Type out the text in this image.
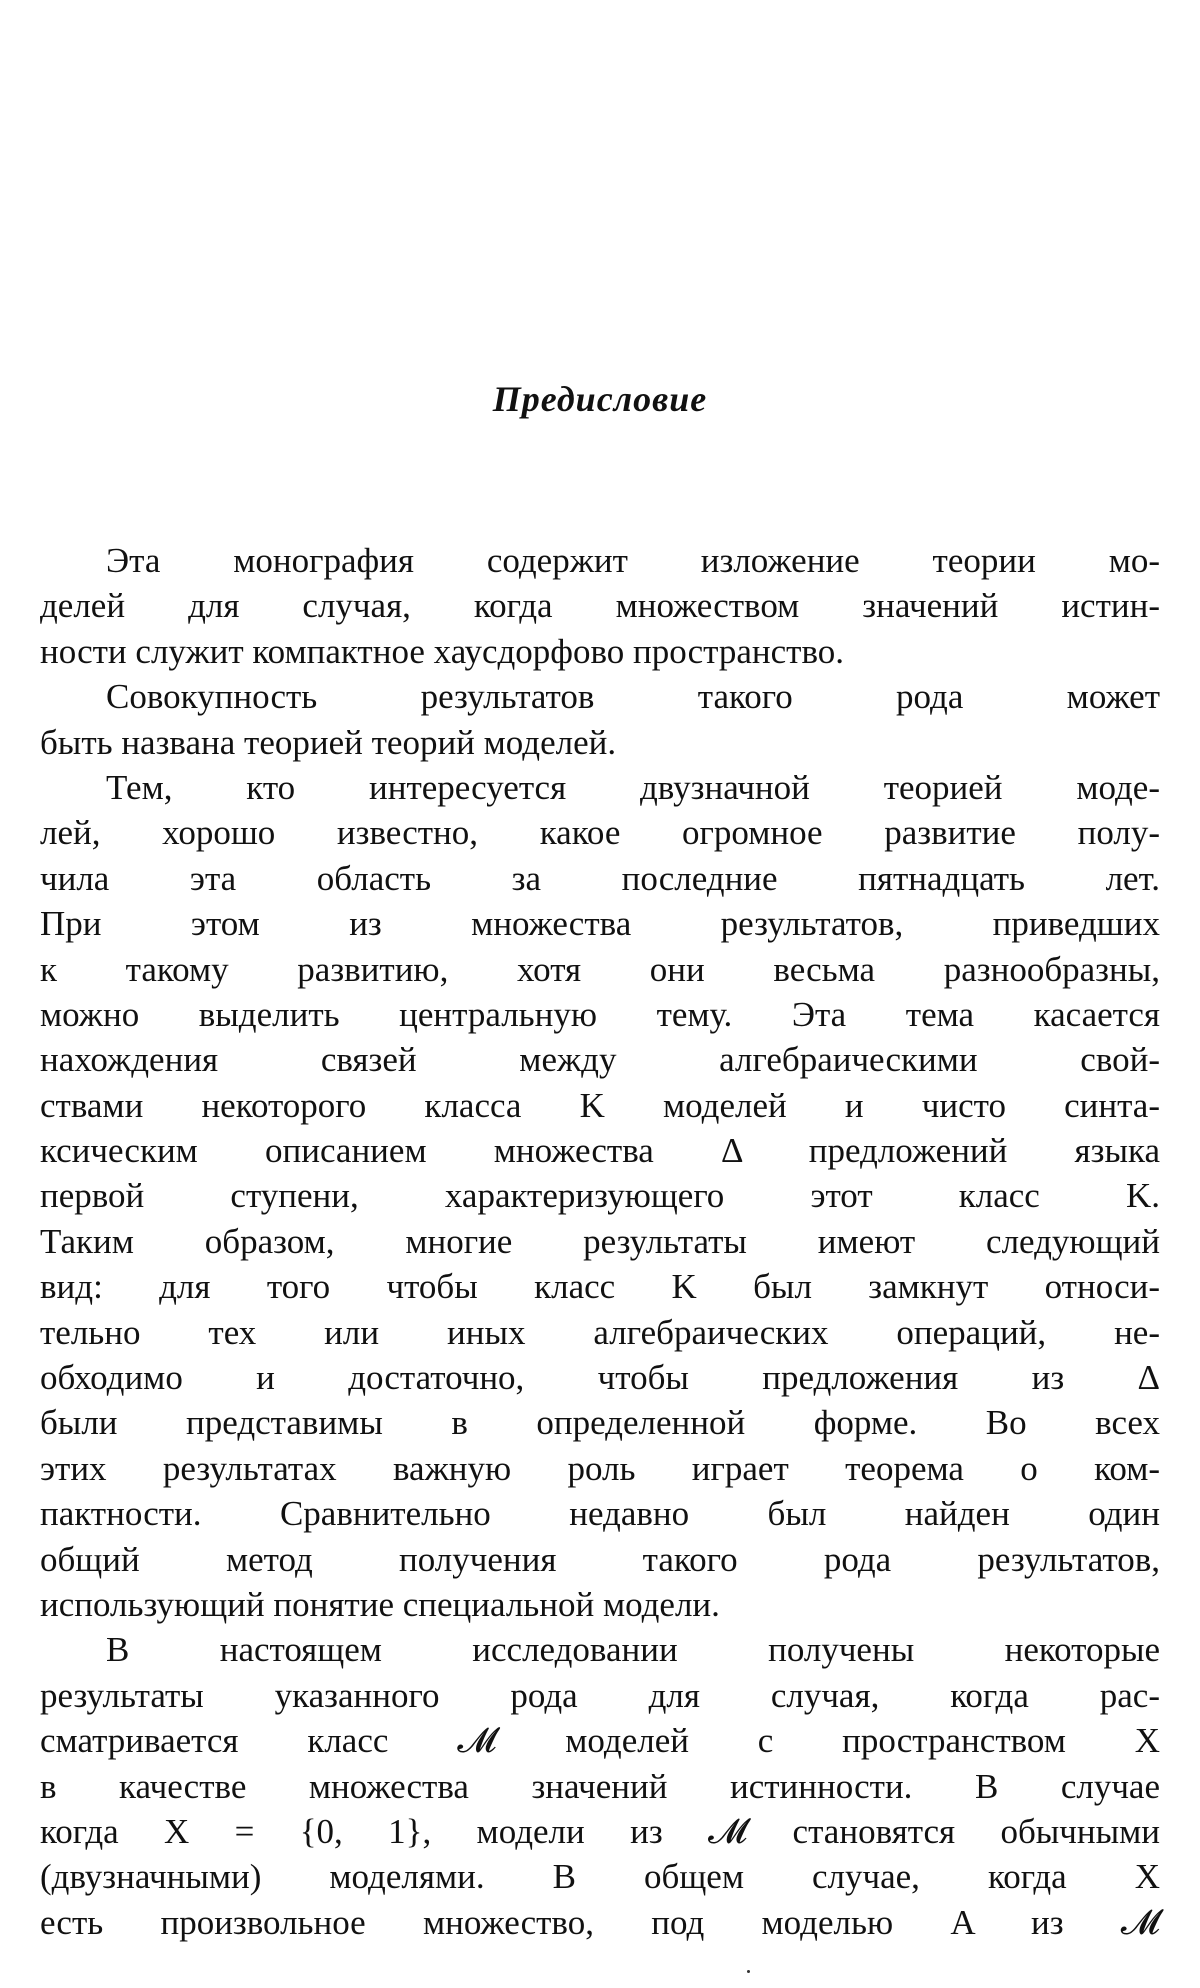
Предисловие
Эта монография содержит изложение теории мо-
делей для случая, когда множеством значений истин-
ности служит компактное хаусдорфово пространство.
Совокупность результатов такого рода может
быть названа теорией теорий моделей.
Тем, кто интересуется двузначной теорией моде-
лей, хорошо известно, какое огромное развитие полу-
чила эта область за последние пятнадцать лет.
При этом из множества результатов, приведших
к такому развитию, хотя они весьма разнообразны,
можно выделить центральную тему. Эта тема касается
нахождения связей между алгебраическими свой-
ствами некоторого класса K моделей и чисто синта-
ксическим описанием множества Δ предложений языка
первой ступени, характеризующего этот класс K.
Таким образом, многие результаты имеют следующий
вид: для того чтобы класс K был замкнут относи-
тельно тех или иных алгебраических операций, не-
обходимо и достаточно, чтобы предложения из Δ
были представимы в определенной форме. Во всех
этих результатах важную роль играет теорема о ком-
пактности. Сравнительно недавно был найден один
общий метод получения такого рода результатов,
использующий понятие специальной модели.
В настоящем исследовании получены некоторые
результаты указанного рода для случая, когда рас-
сматривается класс 𝓜 моделей с пространством X
в качестве множества значений истинности. В случае
когда X = {0, 1}, модели из 𝓜 становятся обычными
(двузначными) моделями. В общем случае, когда X
есть произвольное множество, под моделью A из 𝓜
